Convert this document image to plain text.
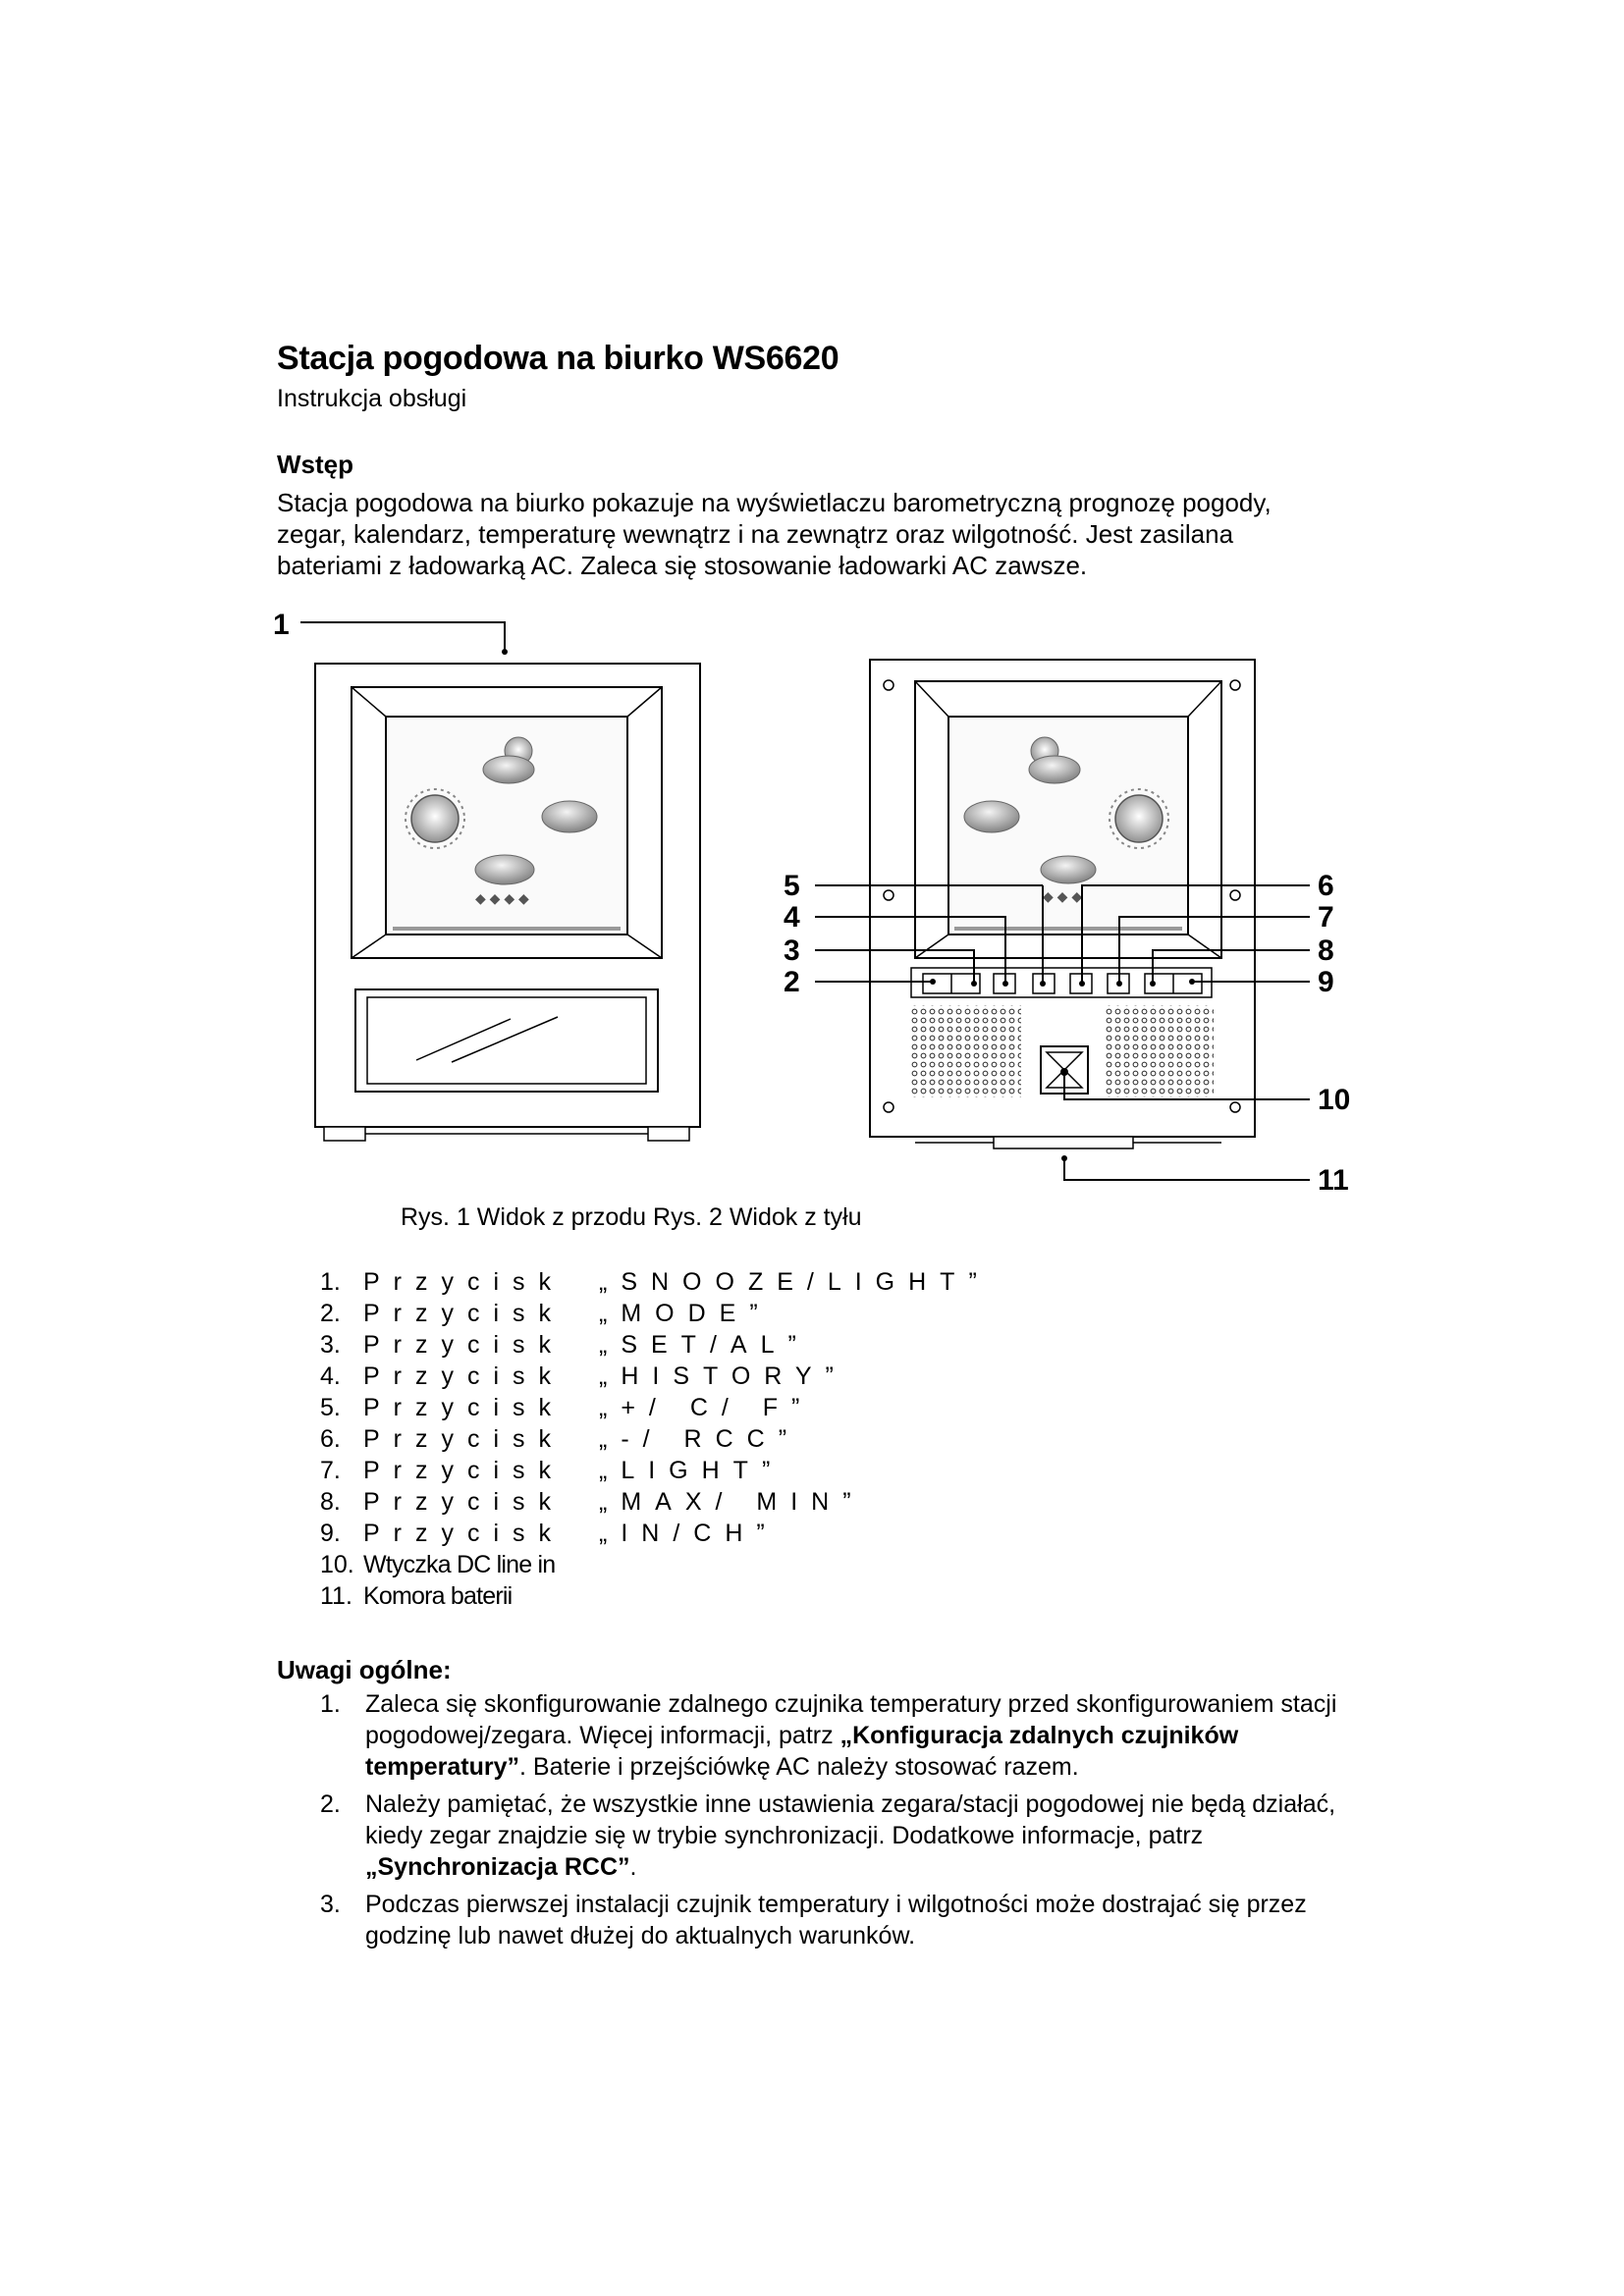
Stacja pogodowa na biurko WS6620
Instrukcja obsługi
Wstęp

Stacja pogodowa na biurko pokazuje na wyświetlaczu barometryczną prognozę pogody,

zegar, kalendarz, temperaturę wewnątrz i na zewnątrz oraz wilgotność. Jest zasilana

bateriami z ładowarką AC. Zaleca się stosowanie ładowarki AC zawsze.

1
◆ ◆ ◆ ◆	◆ ◆ ◆
5
4
3
2
6
7
8
9
10
11
Rys. 1 Widok z przodu Rys. 2 Widok z tyłu
1. Przycisk „SNOOZE/LIGHT”
2. Przycisk „MODE”
3. Przycisk „SET/AL”
4. Przycisk „HISTORY”
5. Przycisk „+/ C/ F”
6. Przycisk „-/ RCC”
7. Przycisk „LIGHT”
8. Przycisk „MAX/ MIN”
9. Przycisk „IN/CH”
10. Wtyczka DC line in
11. Komora baterii
Uwagi ogólne:
1. Zaleca się skonfigurowanie zdalnego czujnika temperatury przed skonfigurowaniem stacji pogodowej/zegara. Więcej informacji, patrz „Konfiguracja zdalnych czujników temperatury”. Baterie i przejściówkę AC należy stosować razem.
2. Należy pamiętać, że wszystkie inne ustawienia zegara/stacji pogodowej nie będą działać, kiedy zegar znajdzie się w trybie synchronizacji. Dodatkowe informacje, patrz „Synchronizacja RCC”.
3. Podczas pierwszej instalacji czujnik temperatury i wilgotności może dostrajać się przez godzinę lub nawet dłużej do aktualnych warunków.
